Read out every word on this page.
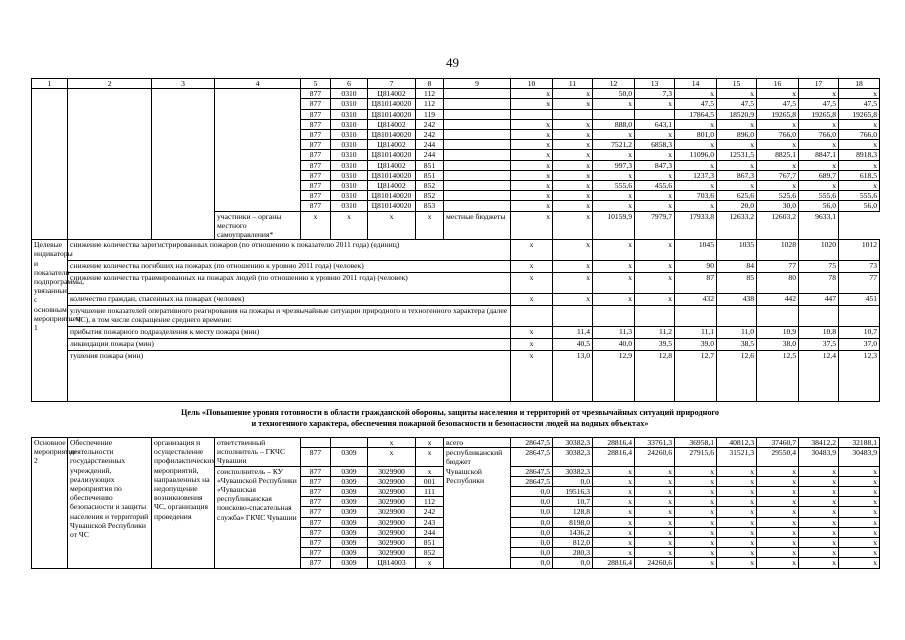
49
1	2	3	4	5	6	7	8	9	10	11	12	13	14	15	16	17	18	
				877	0310	Ц814002	112		x	x	50,0	7,3	x	x	x	x	x	
				877	0310	Ц810140020	112		x	x	x	x	47,5	47,5	47,5	47,5	47,5	
				877	0310	Ц810140020	119						17864,5	18520,9	19265,8	19265,8	19265,8	
				877	0310	Ц814002	242		x	x	888,0	643,1	x	x	x	x	x	
				877	0310	Ц810140020	242		x	x	x	x	801,0	896,0	766,0	766,0	766,0	
				877	0310	Ц814002	244		x	x	7521,2	6858,3	x	x	x	x	x	
				877	0310	Ц810140020	244		x	x	x	x	11096,0	12531,5	8825,1	8847,1	8918,3	
				877	0310	Ц814002	851		x	x	997,3	847,3	x	x	x	x	x	
				877	0310	Ц810140020	851		x	x	x	x	1237,3	867,3	767,7	689,7	618,5	
				877	0310	Ц814002	852		x	x	555,6	455,6	x	x	x	x	x	
				877	0310	Ц810140020	852		x	x	x	x	703,6	625,6	525,6	555,6	555,6	
				877	0310	Ц810140020	853		x	x	x	x	x	20,0	30,0	56,0	56,0	
			участники – органы местного самоуправления*	x	x	x	x	местные бюджеты	x	x	10159,9	7979,7	17933,8	12633,2	12603,2	9633,1		
Целевые индикаторы и показатели подпрограммы, увязанные с основным мероприятием 1	снижение количества зарегистрированных пожаров (по отношению к показателю 2011 года) (единиц)								x	x	x	x	1045	1035	1028	1020	1012	
	снижение количества погибших на пожарах (по отношению к уровню 2011 года) (человек)								x	x	x	x	90	84	77	75	73	
	снижение количества травмированных на пожарах людей (по отношению к уровню 2011 года) (человек)								x	x	x	x	87	85	80	78	77	
	количество граждан, спасенных на пожарах (человек)								x	x	x	x	432	438	442	447	451	
	улучшение показателей оперативного реагирования на пожары и чрезвычайные ситуации природного и техногенного характера (далее – ЧС), в том числе сокращение среднего времени:																	
	прибытия пожарного подразделения к месту пожара (мин)								x	11,4	11,3	11,2	11,1	11,0	10,9	10,8	10,7	
	ликвидации пожара (мин)								x	40,5	40,0	39,5	39,0	38,5	38,0	37,5	37,0	
	тушения пожара (мин)								x	13,0	12,9	12,8	12,7	12,6	12,5	12,4	12,3	
Цель «Повышение уровня готовности в области гражданской обороны, защиты населения и территорий от чрезвычайных ситуаций природного
и техногенного характера, обеспечения пожарной безопасности и безопасности людей на водных объектах»
Основное мероприятие 2	Обеспечение деятельности государственных учреждений, реализующих мероприятия по обеспечению безопасности и защиты населения и территорий Чувашской Республики от ЧС	организация и осуществление профилактических мероприятий, направленных на недопущение возникновения ЧС, организация проведения	ответственный исполнитель – ГКЧС Чувашии			x	x	всего	28647,5	30382,3	28816,4	33761,3	36958,1	40812,3	37460,7	38412,2	32188,1
				877	0309	x	x	республиканский бюджет Чувашской Республики	28647,5	30382,3	28816,4	24260,6	27915,6	31521,3	29550,4	30483,9	30483,9
			соисполнитель – КУ «Чувашской Республики «Чувашская республиканская поисково-спасательная служба» ГКЧС Чувашии	877	0309	3029900	x		28647,5	30382,3	x	x	x	x	x	x	x
				877	0309	3029900	001		28647,5	0,0	x	x	x	x	x	x	x
				877	0309	3029900	111		0,0	19516,3	x	x	x	x	x	x	x
				877	0309	3029900	112		0,0	10,7	x	x	x	x	x	x	x
				877	0309	3029900	242		0,0	128,8	x	x	x	x	x	x	x
				877	0309	3029900	243		0,0	8198,0	x	x	x	x	x	x	x
				877	0309	3029900	244		0,0	1436,2	x	x	x	x	x	x	x
				877	0309	3029900	851		0,0	812,0	x	x	x	x	x	x	x
				877	0309	3029900	852		0,0	280,3	x	x	x	x	x	x	x
				877	0309	Ц814003	x		0,0	0,0	28816,4	24260,6	x	x	x	x	x
